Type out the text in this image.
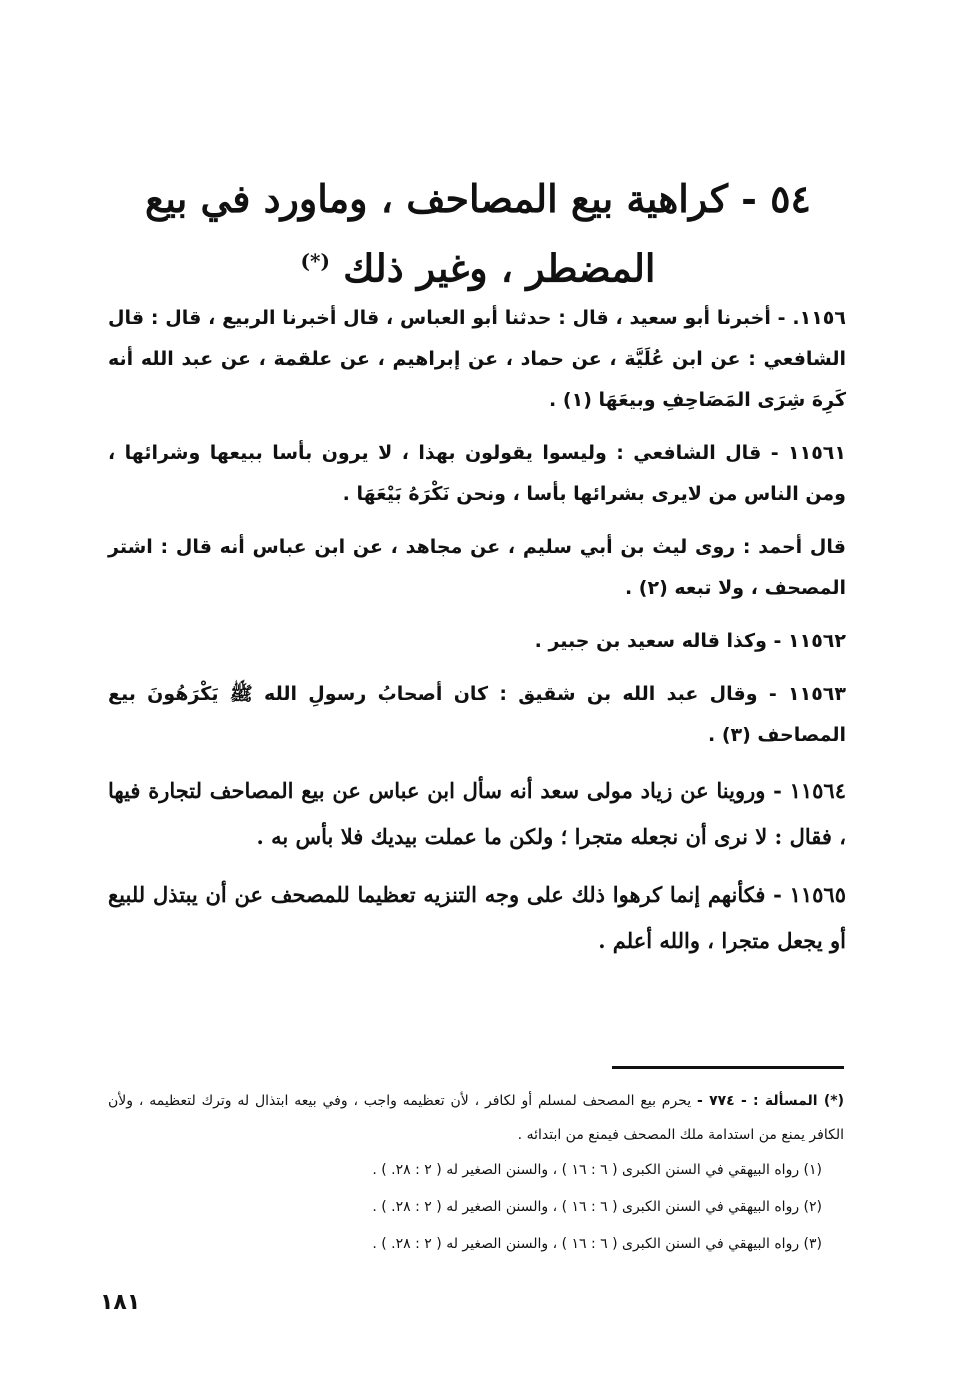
٥٤ - كراهية بيع المصاحف ، وماورد في بيع
المضطر ، وغير ذلك (*)

١١٥٦. - أخبرنا أبو سعيد ، قال : حدثنا أبو العباس ، قال أخبرنا الربيع ، قال : قال الشافعي : عن ابن عُلَيَّة ، عن حماد ، عن إبراهيم ، عن علقمة ، عن عبد الله أنه كَرِهَ شِرَى المَصَاحِفِ وبيعَهَا (١) .

١١٥٦١ - قال الشافعي : وليسوا يقولون بهذا ، لا يرون بأسا ببيعها وشرائها ، ومن الناس من لايرى بشرائها بأسا ، ونحن نَكْرَهُ بَيْعَهَا .

قال أحمد : روى ليث بن أبي سليم ، عن مجاهد ، عن ابن عباس أنه قال : اشتر المصحف ، ولا تبعه (٢) .

١١٥٦٢ - وكذا قاله سعيد بن جبير .

١١٥٦٣ - وقال عبد الله بن شقيق : كان أصحابُ رسولِ الله ﷺ يَكْرَهُونَ بيع المصاحف (٣) .

١١٥٦٤ - وروينا عن زياد مولى سعد أنه سأل ابن عباس عن بيع المصاحف لتجارة فيها ، فقال : لا نرى أن نجعله متجرا ؛ ولكن ما عملت بيديك فلا بأس به .

١١٥٦٥ - فكأنهم إنما كرهوا ذلك على وجه التنزيه تعظيما للمصحف عن أن يبتذل للبيع أو يجعل متجرا ، والله أعلم .

(*) المسألة : - ٧٧٤ - يحرم بيع المصحف لمسلم أو لكافر ، لأن تعظيمه واجب ، وفي بيعه ابتذال له وترك لتعظيمه ، ولأن الكافر يمنع من استدامة ملك المصحف فيمنع من ابتدائه .

(١) رواه البيهقي في السنن الكبرى ( ٦ : ١٦ ) ، والسنن الصغير له ( ٢ : ٢٨. ) .

(٢) رواه البيهقي في السنن الكبرى ( ٦ : ١٦ ) ، والسنن الصغير له ( ٢ : ٢٨. ) .

(٣) رواه البيهقي في السنن الكبرى ( ٦ : ١٦ ) ، والسنن الصغير له ( ٢ : ٢٨. ) .

١٨١
